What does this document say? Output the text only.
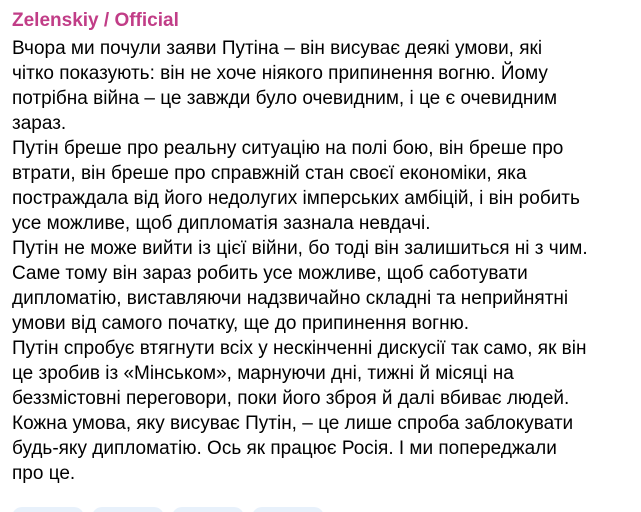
Zelenskiy / Official
Вчора ми почули заяви Путіна – він висуває деякі умови, які
чітко показують: він не хоче ніякого припинення вогню. Йому
потрібна війна – це завжди було очевидним, і це є очевидним
зараз.
Путін бреше про реальну ситуацію на полі бою, він бреше про
втрати, він бреше про справжній стан своєї економіки, яка
постраждала від його недолугих імперських амбіцій, і він робить
усе можливе, щоб дипломатія зазнала невдачі.
Путін не може вийти із цієї війни, бо тоді він залишиться ні з чим.
Саме тому він зараз робить усе можливе, щоб саботувати
дипломатію, виставляючи надзвичайно складні та неприйнятні
умови від самого початку, ще до припинення вогню.
Путін спробує втягнути всіх у нескінченні дискусії так само, як він
це зробив із «Мінськом», марнуючи дні, тижні й місяці на
беззмістовні переговори, поки його зброя й далі вбиває людей.
Кожна умова, яку висуває Путін, – це лише спроба заблокувати
будь-яку дипломатію. Ось як працює Росія. І ми попереджали
про це.
